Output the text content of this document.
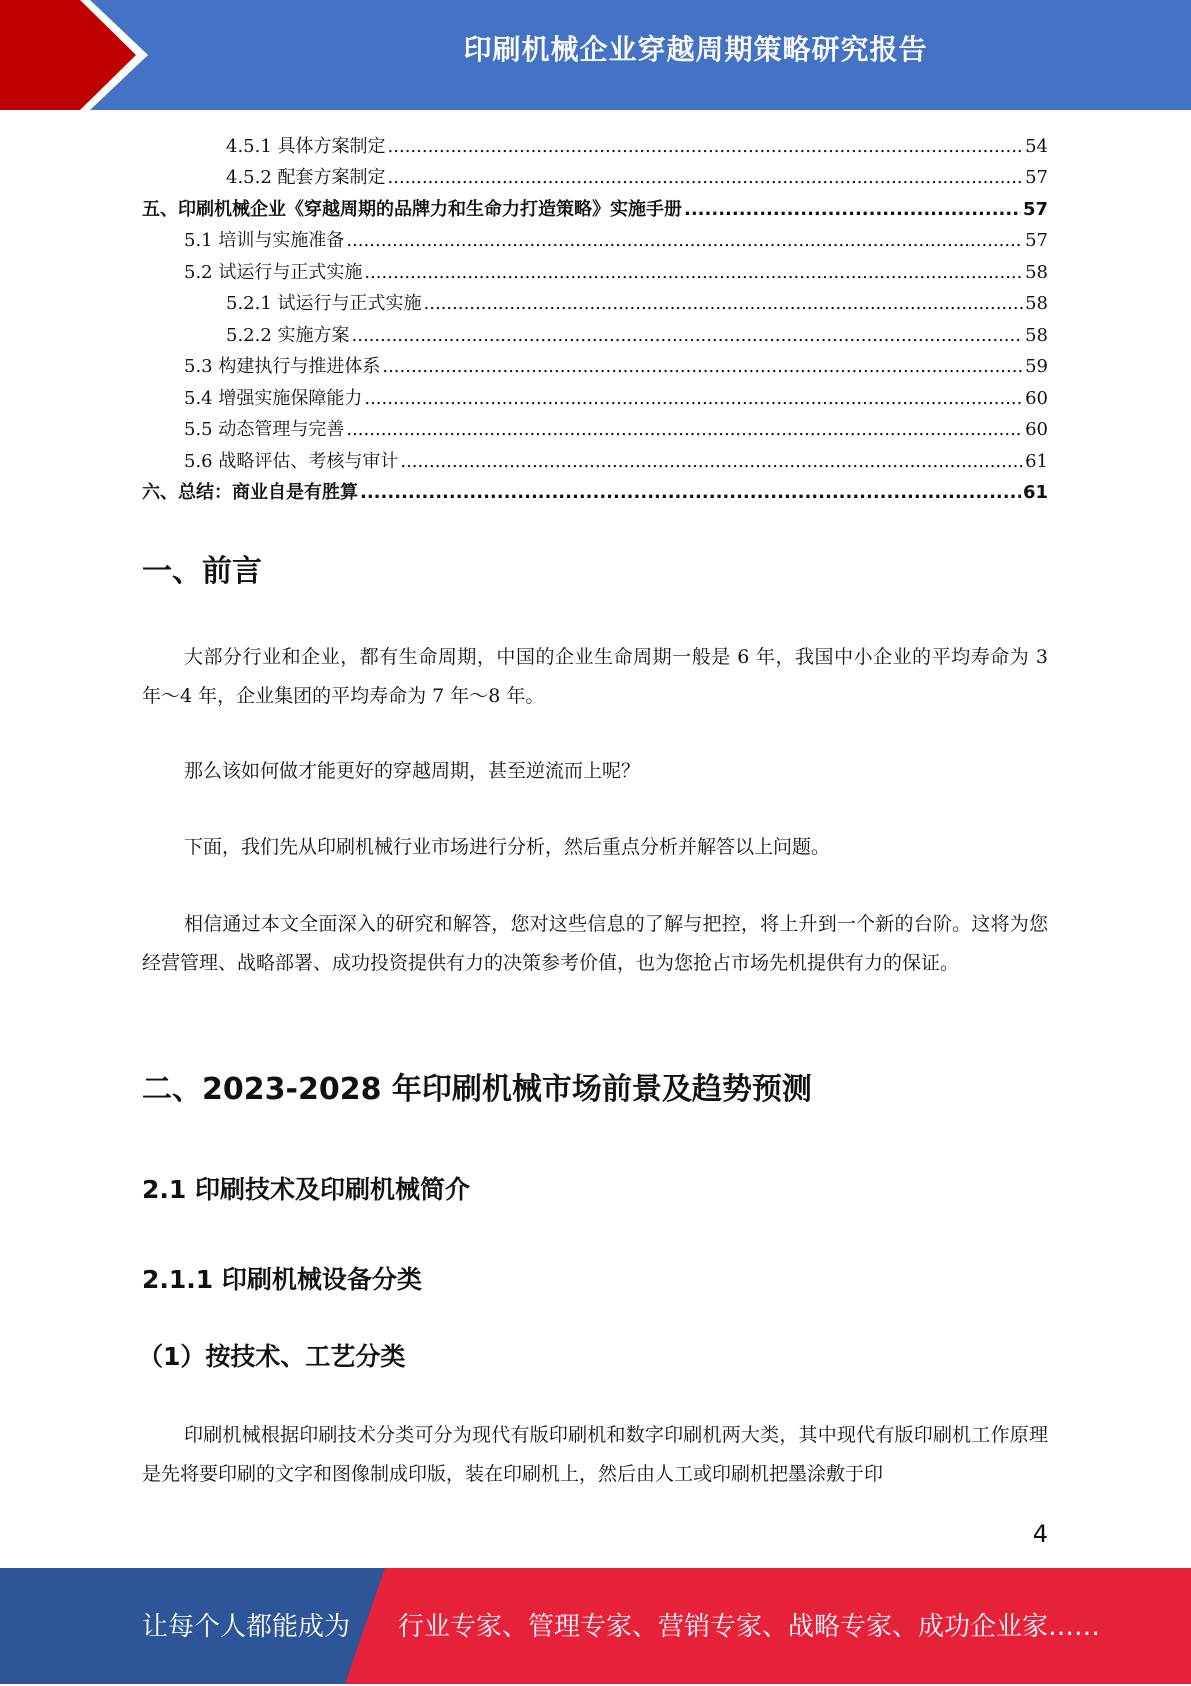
印刷机械企业穿越周期策略研究报告
4.5.1 具体方案制定 .....	54
4.5.2 配套方案制定 .....	57
五、印刷机械企业《穿越周期的品牌力和生命力打造策略》实施手册 .....	57
5.1 培训与实施准备 .....	57
5.2 试运行与正式实施 .....	58
5.2.1 试运行与正式实施 .....	58
5.2.2 实施方案 .....	58
5.3 构建执行与推进体系 .....	59
5.4 增强实施保障能力 .....	60
5.5 动态管理与完善 .....	60
5.6 战略评估、考核与审计 .....	61
六、总结：商业自是有胜算 .....	61
一、前言

大部分行业和企业，都有生命周期，中国的企业生命周期一般是 6 年，我国中小企业的平均寿命为 3 年～4 年，企业集团的平均寿命为 7 年～8 年。

那么该如何做才能更好的穿越周期，甚至逆流而上呢？

下面，我们先从印刷机械行业市场进行分析，然后重点分析并解答以上问题。

相信通过本文全面深入的研究和解答，您对这些信息的了解与把控，将上升到一个新的台阶。这将为您经营管理、战略部署、成功投资提供有力的决策参考价值，也为您抢占市场先机提供有力的保证。

二、2023-2028 年印刷机械市场前景及趋势预测
2.1 印刷技术及印刷机械简介
2.1.1 印刷机械设备分类
（1）按技术、工艺分类

印刷机械根据印刷技术分类可分为现代有版印刷机和数字印刷机两大类，其中现代有版印刷机工作原理是先将要印刷的文字和图像制成印版，装在印刷机上，然后由人工或印刷机把墨涂敷于印

4
让每个人都能成为 行业专家、管理专家、营销专家、战略专家、成功企业家……
